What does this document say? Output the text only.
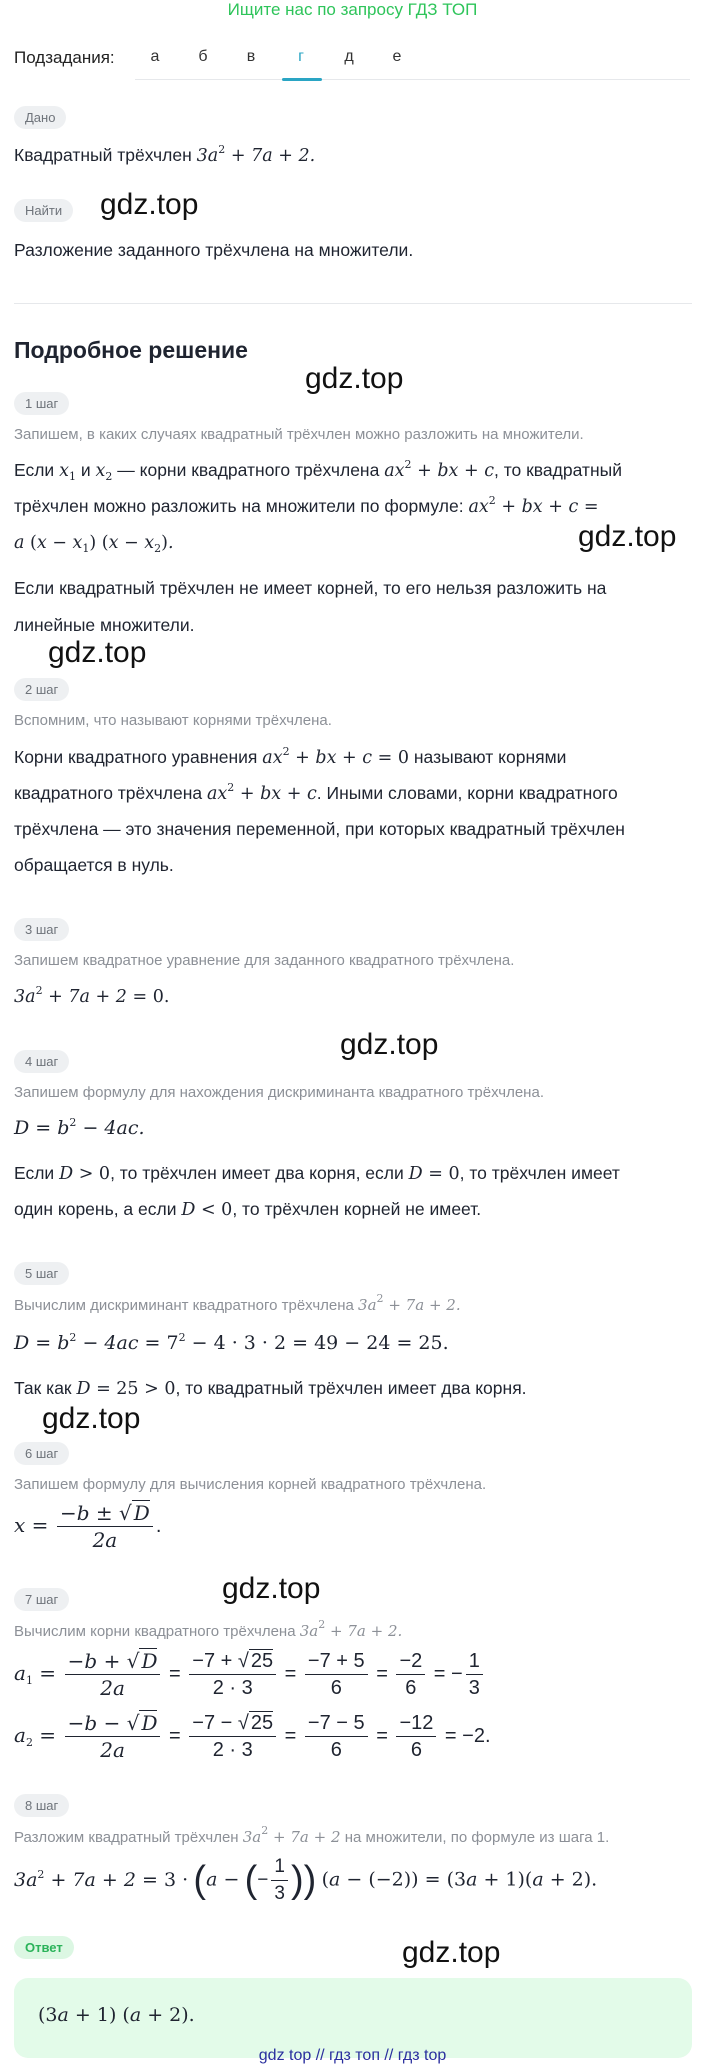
Ищите нас по запросу ГДЗ ТОП
Подзадания:	а	б	в	г	д	е
Дано
Квадратный трёхчлен $3a^2 + 7a + 2$.
Найти	gdz.top
Разложение заданного трёхчлена на множители.
Подробное решение
gdz.top
1 шаг
Запишем, в каких случаях квадратный трёхчлен можно разложить на множители.
Если $x_1$ и $x_2$ — корни квадратного трёхчлена $ax^2$ + bx + c, то квадратный
трёхчлен можно разложить на множители по формуле: $ax^2$ + bx + c =
a $(x - x_1)$ $(x - x_2)$.	gdz.top
Если квадратный трёхчлен не имеет корней, то его нельзя разложить на
линейные множители.
gdz.top
2 шаг
Вспомним, что называют корнями трёхчлена.
Корни квадратного уравнения $ax^2$ + bx + c = 0 называют корнями
квадратного трёхчлена $ax^2$ + bx + c. Иными словами, корни квадратного
трёхчлена — это значения переменной, при которых квадратный трёхчлен
обращается в нуль.
3 шаг
Запишем квадратное уравнение для заданного квадратного трёхчлена.
$3a^2 + 7a + 2 = 0$.
gdz.top
4 шаг
Запишем формулу для нахождения дискриминанта квадратного трёхчлена.
$D = b^2 - 4ac$.
Если D > 0, то трёхчлен имеет два корня, если D = 0, то трёхчлен имеет
один корень, а если D < 0, то трёхчлен корней не имеет.
5 шаг
Вычислим дискриминант квадратного трёхчлена $3a^2 + 7a + 2$.
$D = b^2 - 4ac = 7^2 - 4 \cdot 3 \cdot 2 = 49 - 24 = 25$.
Так как D = 25 > 0, то квадратный трёхчлен имеет два корня.
gdz.top
6 шаг
Запишем формулу для вычисления корней квадратного трёхчлена.
$x = \frac{-b \pm √ D}{2a}$ .
gdz.top
7 шаг
Вычислим корни квадратного трёхчлена $3a^2 + 7a + 2$.
$a_1 = \frac{-b + √ D}{2a} = \frac{-7 + √ 25}{2 \cdot 3} = \frac{-7 + 5}{6} = \frac{-2}{6}$ = − $\frac{1}{3}$
$a_2 = \frac{-b - √ D}{2a} = \frac{-7 - √ 25}{2 \cdot 3} = \frac{-7 - 5}{6} = \frac{-12}{6} = -2$.
8 шаг
Разложим квадратный трёхчлен $3a^2 + 7a + 2$ на множители, по формуле из шага 1.
$3a^2 + 7a + 2 = 3 \cdot (a$ − (− $\frac{1}{3}$ )) (a − (−2)) = (3a + 1)(a + 2).
Ответ	gdz.top
(3a + 1) (a + 2).
gdz top // гдз топ // гдз top
